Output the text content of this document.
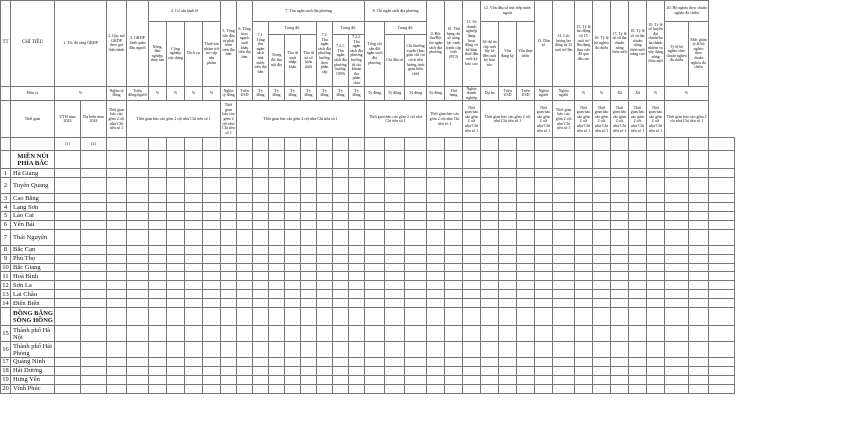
TT	CHỈ TIÊU	1. Tốc độ tăng GRDP		2. Quy mô GRDP theo giá hiện hành	3. GRDP bình quân đầu người	4. Cơ cấu kinh tế				5. Tổng vốn đầu tư phát triển trên địa bàn	6. Tổng kim ngạch xuất khẩu trên địa bàn	7. Thu ngân sách địa phương							8. Chi ngân sách địa phương			9. Bội thu/Bội chi ngân sách địa phương	10. Thứ hạng chỉ số năng lực cạnh tranh cấp tỉnh (PCI)	11. Số doanh nghiệp đang hoạt động và kê khai thuế đến cuối kỳ báo cáo	12. Vốn đầu tư trực tiếp nước ngoài			13. Dân số	14. Lực lượng lao động từ 15 tuổi trở lên	15. Tỷ lệ lao động từ 15 tuổi trở lên đang làm việc đã qua đào tạo	16. Tỷ lệ hộ nghèo đa chiều	17. Tỷ lệ số xã đạt chuẩn nông thôn mới	18. Tỷ lệ số xã đạt chuẩn nông thôn mới nâng cao	19. Tỷ lệ số huyện đạt chuẩn/hoàn thành nhiệm vụ xây dựng nông thôn mới	20. Hộ nghèo theo chuẩn nghèo đa chiều		
						Nông, lâm nghiệp, thủy sản	Công nghiệp, xây dựng	Dịch vụ	Thuế sản phẩm trừ trợ cấp sản phẩm			7.1. Tổng thu ngân sách nhà nước trên địa bàn	Trong đó:			7.2. Thu ngân sách địa phương hưởng theo phân cấp	Trong đó:		Tổng chi cân đối ngân sách địa phương	Trong đó:					Số dự án cấp mới lũy kế đến cuối kỳ báo cáo	Vốn đăng ký	Vốn thực hiện								Tỷ lệ hộ nghèo theo chuẩn nghèo đa chiều	Mức giảm tỷ lệ hộ nghèo theo chuẩn nghèo đa chiều	
													Trong đó: thu nội địa	Thu từ xuất nhập khẩu	Thu từ xổ số kiến thiết		7.2.1. Thu ngân sách địa phương hưởng 100%	7.2.2. Thu ngân sách địa phương hưởng từ các khoản thu phân chia		Chi đầu tư	Chi thường xuyên (bao gồm chi cải cách tiền lương, tinh giản biên chế)																
	Đơn vị	%		Nghìn tỷ đồng	Triệu đồng/người	%	%	%	%	Nghìn tỷ đồng	Triệu USD	Tỷ đồng	Tỷ đồng	Tỷ đồng	Tỷ đồng	Tỷ đồng	Tỷ đồng	Tỷ đồng	Tỷ đồng	Tỷ đồng	Tỷ đồng	Tỷ đồng	Thứ hạng	Nghìn doanh nghiệp	Dự án	Triệu USD	Triệu USD	Nghìn người	Nghìn người	%	%	Xã	Xã	%	%		
	Thời gian	ƯTH năm 2023	Dự kiến năm 2024	Thời gian báo cáo gồm 2 cột như Chỉ tiêu số 1	Thời gian báo cáo gồm 2 cột như Chỉ tiêu số 1					Thời gian báo cáo gồm 2 cột như Chỉ tiêu số 1	Thời gian báo cáo gồm 2 cột như Chỉ tiêu số 1								Thời gian báo cáo gồm 2 cột như Chỉ tiêu số 1			Thời gian báo cáo gồm 2 cột như Chỉ tiêu số 1		Thời gian báo cáo gồm 2 cột như Chỉ tiêu số 1	Thời gian báo cáo gồm 2 cột như Chỉ tiêu số 1			Thời gian báo cáo gồm 2 cột như Chỉ tiêu số 1	Thời gian báo cáo gồm 2 cột như Chỉ tiêu số 1	Thời gian báo cáo gồm 2 cột như Chỉ tiêu số 1	Thời gian báo cáo gồm 2 cột như Chỉ tiêu số 1	Thời gian báo cáo gồm 2 cột như Chỉ tiêu số 1	Thời gian báo cáo gồm 2 cột như Chỉ tiêu số 1	Thời gian báo cáo gồm 2 cột như Chỉ tiêu số 1	Thời gian báo cáo gồm 2 cột như Chỉ tiêu số 1		
		(1)	(2)																																		
	MIỀN NÚI PHÍA BẮC																																				
1	Hà Giang																																				
2	Tuyên Quang																																				
3	Cao Bằng																																				
4	Lạng Sơn																																				
5	Lào Cai																																				
6	Yên Bái																																				
7	Thái Nguyên																																				
8	Bắc Cạn																																				
9	Phú Thọ																																				
10	Bắc Giang																																				
11	Hoà Bình																																				
12	Sơn La																																				
13	Lai Châu																																				
14	Điện Biên																																				
	ĐỒNG BẰNG SÔNG HỒNG																																				
15	Thành phố Hà Nội																																				
16	Thành phố Hải Phòng																																				
17	Quảng Ninh																																				
18	Hải Dương																																				
19	Hưng Yên																																				
20	Vĩnh Phúc																																				
